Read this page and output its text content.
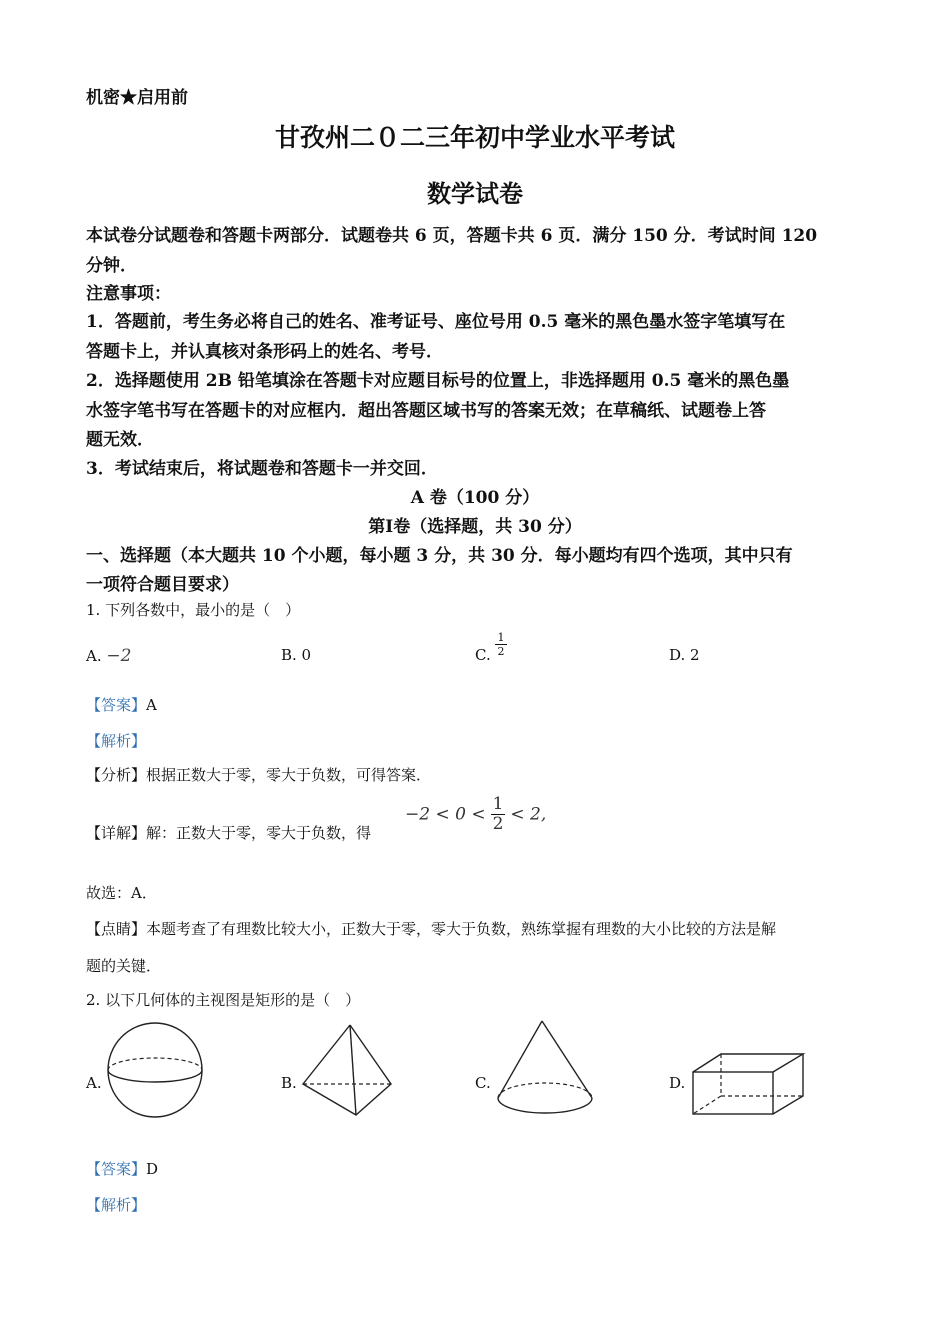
机密★启用前
甘孜州二０二三年初中学业水平考试
数学试卷
本试卷分试题卷和答题卡两部分．试题卷共 6 页，答题卡共 6 页．满分 150 分．考试时间 120
分钟．
注意事项：
1．答题前，考生务必将自己的姓名、准考证号、座位号用 0.5 毫米的黑色墨水签字笔填写在
答题卡上，并认真核对条形码上的姓名、考号．
2．选择题使用 2B 铅笔填涂在答题卡对应题目标号的位置上，非选择题用 0.5 毫米的黑色墨
水签字笔书写在答题卡的对应框内．超出答题区域书写的答案无效；在草稿纸、试题卷上答
题无效．
3．考试结束后，将试题卷和答题卡一并交回．
A 卷（100 分）
第Ⅰ卷（选择题，共 30 分）
一、选择题（本大题共 10 个小题，每小题 3 分，共 30 分．每小题均有四个选项，其中只有
一项符合题目要求）
1. 下列各数中，最小的是（　）
A. −2	B. 0	C. $\frac{1}{2}$	D. 2
【答案】A
【解析】
【分析】根据正数大于零，零大于负数，可得答案．
【详解】解：正数大于零，零大于负数，得
$-2 < 0 < \frac{1}{2} < 2$,
故选：A．
【点睛】本题考查了有理数比较大小，正数大于零，零大于负数，熟练掌握有理数的大小比较的方法是解
题的关键．
2. 以下几何体的主视图是矩形的是（　）
A.	B.	C.	D.
【答案】D
【解析】
